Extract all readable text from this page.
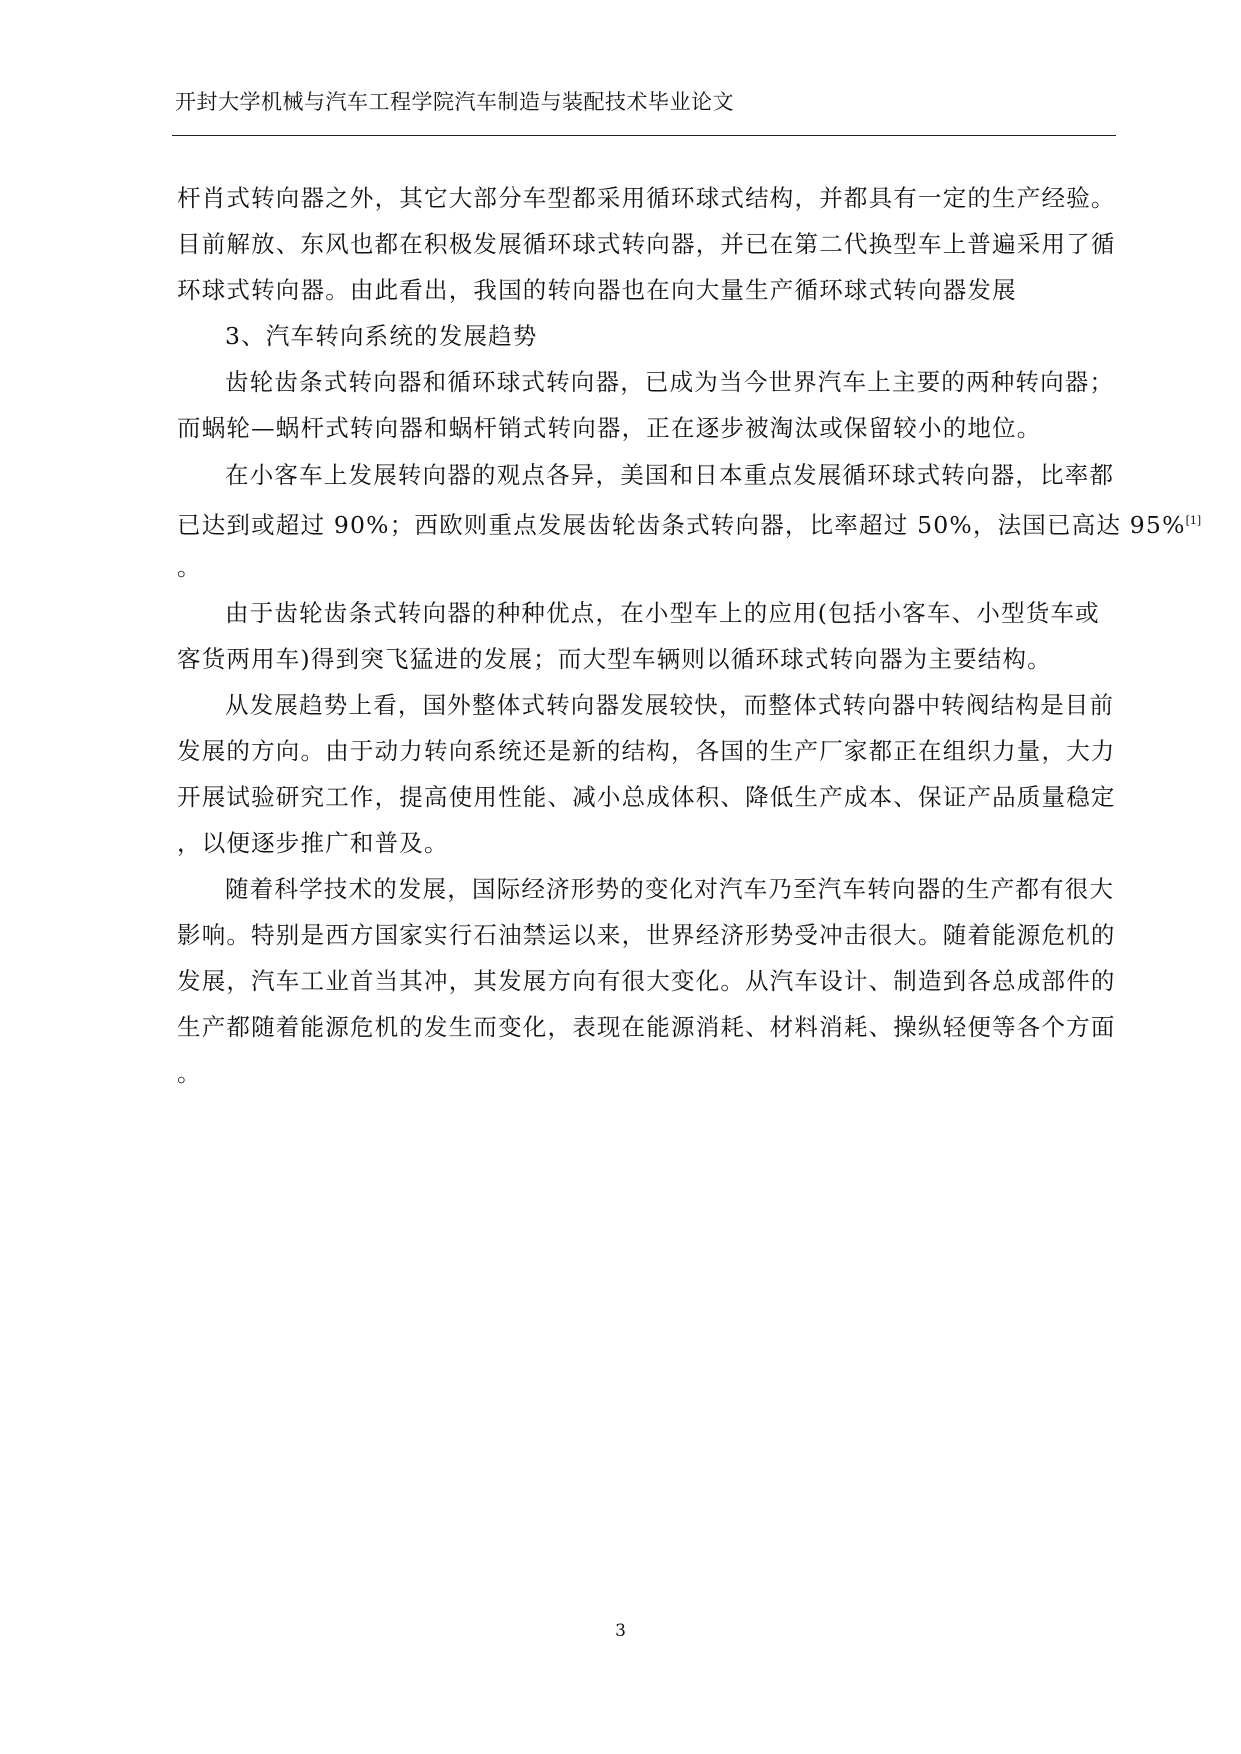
开封大学机械与汽车工程学院汽车制造与装配技术毕业论文
杆肖式转向器之外，其它大部分车型都采用循环球式结构，并都具有一定的生产经验。
目前解放、东风也都在积极发展循环球式转向器，并已在第二代换型车上普遍采用了循
环球式转向器。由此看出，我国的转向器也在向大量生产循环球式转向器发展
3、汽车转向系统的发展趋势
齿轮齿条式转向器和循环球式转向器，已成为当今世界汽车上主要的两种转向器；
而蜗轮—蜗杆式转向器和蜗杆销式转向器，正在逐步被淘汰或保留较小的地位。
在小客车上发展转向器的观点各异，美国和日本重点发展循环球式转向器，比率都
已达到或超过 90%；西欧则重点发展齿轮齿条式转向器，比率超过 50%，法国已高达 95%[1]
。
由于齿轮齿条式转向器的种种优点，在小型车上的应用(包括小客车、小型货车或
客货两用车)得到突飞猛进的发展；而大型车辆则以循环球式转向器为主要结构。
从发展趋势上看，国外整体式转向器发展较快，而整体式转向器中转阀结构是目前
发展的方向。由于动力转向系统还是新的结构，各国的生产厂家都正在组织力量，大力
开展试验研究工作，提高使用性能、减小总成体积、降低生产成本、保证产品质量稳定
，以便逐步推广和普及。
随着科学技术的发展，国际经济形势的变化对汽车乃至汽车转向器的生产都有很大
影响。特别是西方国家实行石油禁运以来，世界经济形势受冲击很大。随着能源危机的
发展，汽车工业首当其冲，其发展方向有很大变化。从汽车设计、制造到各总成部件的
生产都随着能源危机的发生而变化，表现在能源消耗、材料消耗、操纵轻便等各个方面
。
3
